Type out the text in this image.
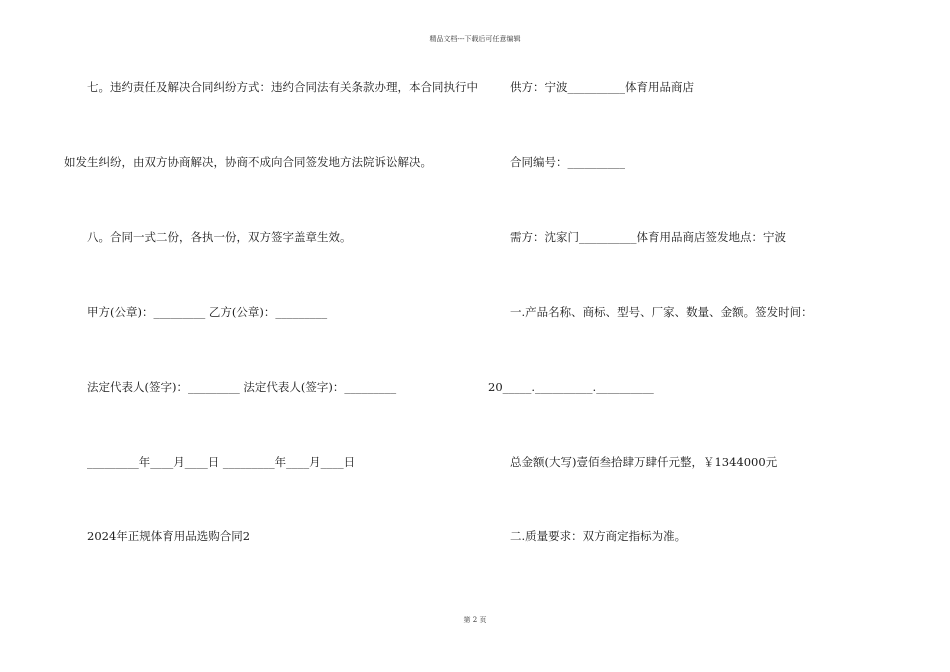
精品文档---下载后可任意编辑
七。违约责任及解决合同纠纷方式：违约合同法有关条款办理，本合同执行中
如发生纠纷，由双方协商解决，协商不成向合同签发地方法院诉讼解决。
八。合同一式二份，各执一份，双方签字盖章生效。
甲方(公章)：_________ 乙方(公章)：_________
法定代表人(签字)：_________ 法定代表人(签字)：_________
_________年____月____日 _________年____月____日
2024年正规体育用品选购合同2
供方：宁波__________体育用品商店
合同编号：__________
需方：沈家门__________体育用品商店签发地点：宁波
一.产品名称、商标、型号、厂家、数量、金额。签发时间：
20_____.__________.__________
总金额(大写)壹佰叁拾肆万肆仟元整，￥1344000元
二.质量要求：双方商定指标为准。
第 2 页
